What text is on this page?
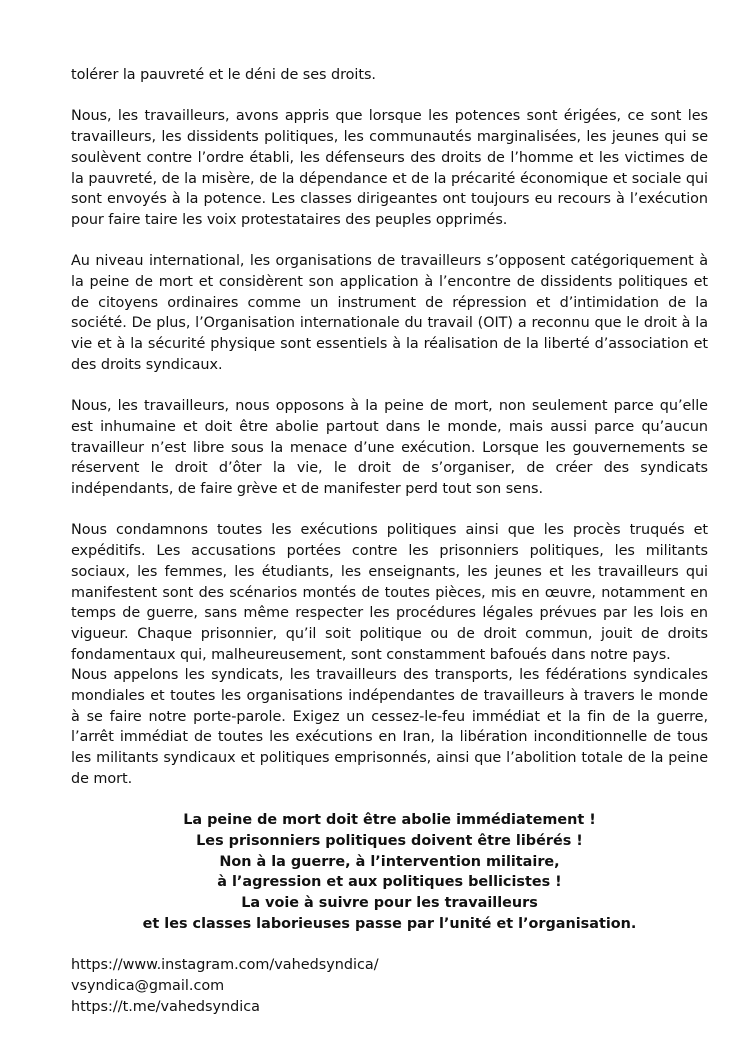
tolérer la pauvreté et le déni de ses droits.

Nous, les travailleurs, avons appris que lorsque les potences sont érigées, ce sont les travailleurs, les dissidents politiques, les communautés marginalisées, les jeunes qui se soulèvent contre l’ordre établi, les défenseurs des droits de l’homme et les victimes de la pauvreté, de la misère, de la dépendance et de la précarité économique et sociale qui sont envoyés à la potence. Les classes dirigeantes ont toujours eu recours à l’exécution pour faire taire les voix protestataires des peuples opprimés.

Au niveau international, les organisations de travailleurs s’opposent catégoriquement à la peine de mort et considèrent son application à l’encontre de dissidents politiques et de citoyens ordinaires comme un instrument de répression et d’intimidation de la société. De plus, l’Organisation internationale du travail (OIT) a reconnu que le droit à la vie et à la sécurité physique sont essentiels à la réalisation de la liberté d’association et des droits syndicaux.

Nous, les travailleurs, nous opposons à la peine de mort, non seulement parce qu’elle est inhumaine et doit être abolie partout dans le monde, mais aussi parce qu’aucun travailleur n’est libre sous la menace d’une exécution. Lorsque les gouvernements se réservent le droit d’ôter la vie, le droit de s’organiser, de créer des syndicats indépendants, de faire grève et de manifester perd tout son sens.

Nous condamnons toutes les exécutions politiques ainsi que les procès truqués et expéditifs. Les accusations portées contre les prisonniers politiques, les militants sociaux, les femmes, les étudiants, les enseignants, les jeunes et les travailleurs qui manifestent sont des scénarios montés de toutes pièces, mis en œuvre, notamment en temps de guerre, sans même respecter les procédures légales prévues par les lois en vigueur. Chaque prisonnier, qu’il soit politique ou de droit commun, jouit de droits fondamentaux qui, malheureusement, sont constamment bafoués dans notre pays.

Nous appelons les syndicats, les travailleurs des transports, les fédérations syndicales mondiales et toutes les organisations indépendantes de travailleurs à travers le monde à se faire notre porte-parole. Exigez un cessez-le-feu immédiat et la fin de la guerre, l’arrêt immédiat de toutes les exécutions en Iran, la libération inconditionnelle de tous les militants syndicaux et politiques emprisonnés, ainsi que l’abolition totale de la peine de mort.

La peine de mort doit être abolie immédiatement !
Les prisonniers politiques doivent être libérés !
Non à la guerre, à l’intervention militaire,
à l’agression et aux politiques bellicistes !
La voie à suivre pour les travailleurs
et les classes laborieuses passe par l’unité et l’organisation.
https://www.instagram.com/vahedsyndica/
vsyndica@gmail.com
https://t.me/vahedsyndica
